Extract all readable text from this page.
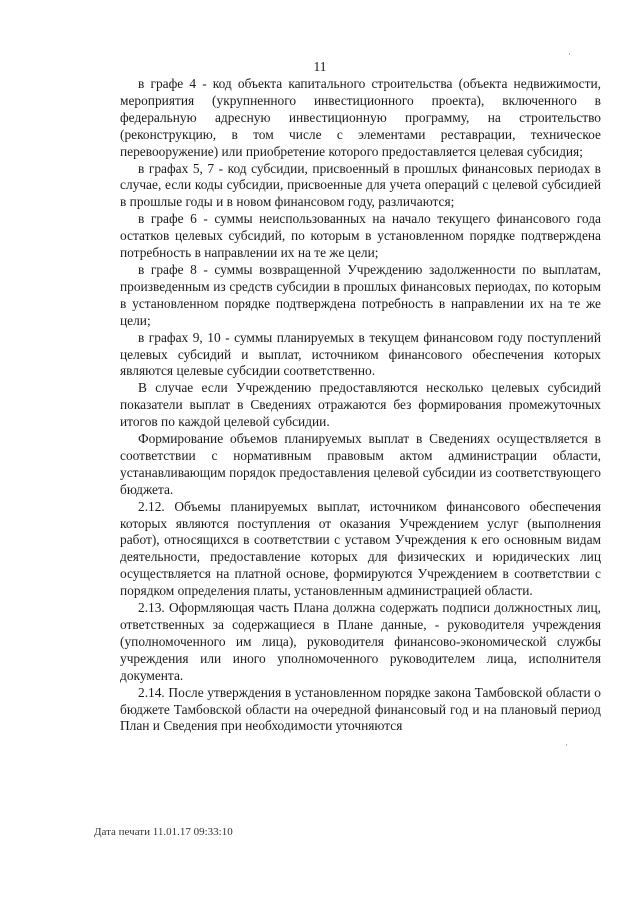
11
·
·

в графе 4 - код объекта капитального строительства (объекта недвижимости, мероприятия (укрупненного инвестиционного проекта), включенного в федеральную адресную инвестиционную программу, на строительство (реконструкцию, в том числе с элементами реставрации, техническое перевооружение) или приобретение которого предоставляется целевая субсидия;

в графах 5, 7 - код субсидии, присвоенный в прошлых финансовых периодах в случае, если коды субсидии, присвоенные для учета операций с целевой субсидией в прошлые годы и в новом финансовом году, различаются;

в графе 6 - суммы неиспользованных на начало текущего финансового года остатков целевых субсидий, по которым в установленном порядке подтверждена потребность в направлении их на те же цели;

в графе 8 - суммы возвращенной Учреждению задолженности по выплатам, произведенным из средств субсидии в прошлых финансовых периодах, по которым в установленном порядке подтверждена потребность в направлении их на те же цели;

в графах 9, 10 - суммы планируемых в текущем финансовом году поступлений целевых субсидий и выплат, источником финансового обеспечения которых являются целевые субсидии соответственно.

В случае если Учреждению предоставляются несколько целевых субсидий показатели выплат в Сведениях отражаются без формирования промежуточных итогов по каждой целевой субсидии.

Формирование объемов планируемых выплат в Сведениях осуществляется в соответствии с нормативным правовым актом администрации области, устанавливающим порядок предоставления целевой субсидии из соответствующего бюджета.

2.12. Объемы планируемых выплат, источником финансового обеспечения которых являются поступления от оказания Учреждением услуг (выполнения работ), относящихся в соответствии с уставом Учреждения к его основным видам деятельности, предоставление которых для физических и юридических лиц осуществляется на платной основе, формируются Учреждением в соответствии с порядком определения платы, установленным администрацией области.

2.13. Оформляющая часть Плана должна содержать подписи должностных лиц, ответственных за содержащиеся в Плане данные, - руководителя учреждения (уполномоченного им лица), руководителя финансово-экономической службы учреждения или иного уполномоченного руководителем лица, исполнителя документа.

2.14. После утверждения в установленном порядке закона Тамбовской области о бюджете Тамбовской области на очередной финансовый год и на плановый период План и Сведения при необходимости уточняются

Дата печати 11.01.17 09:33:10
